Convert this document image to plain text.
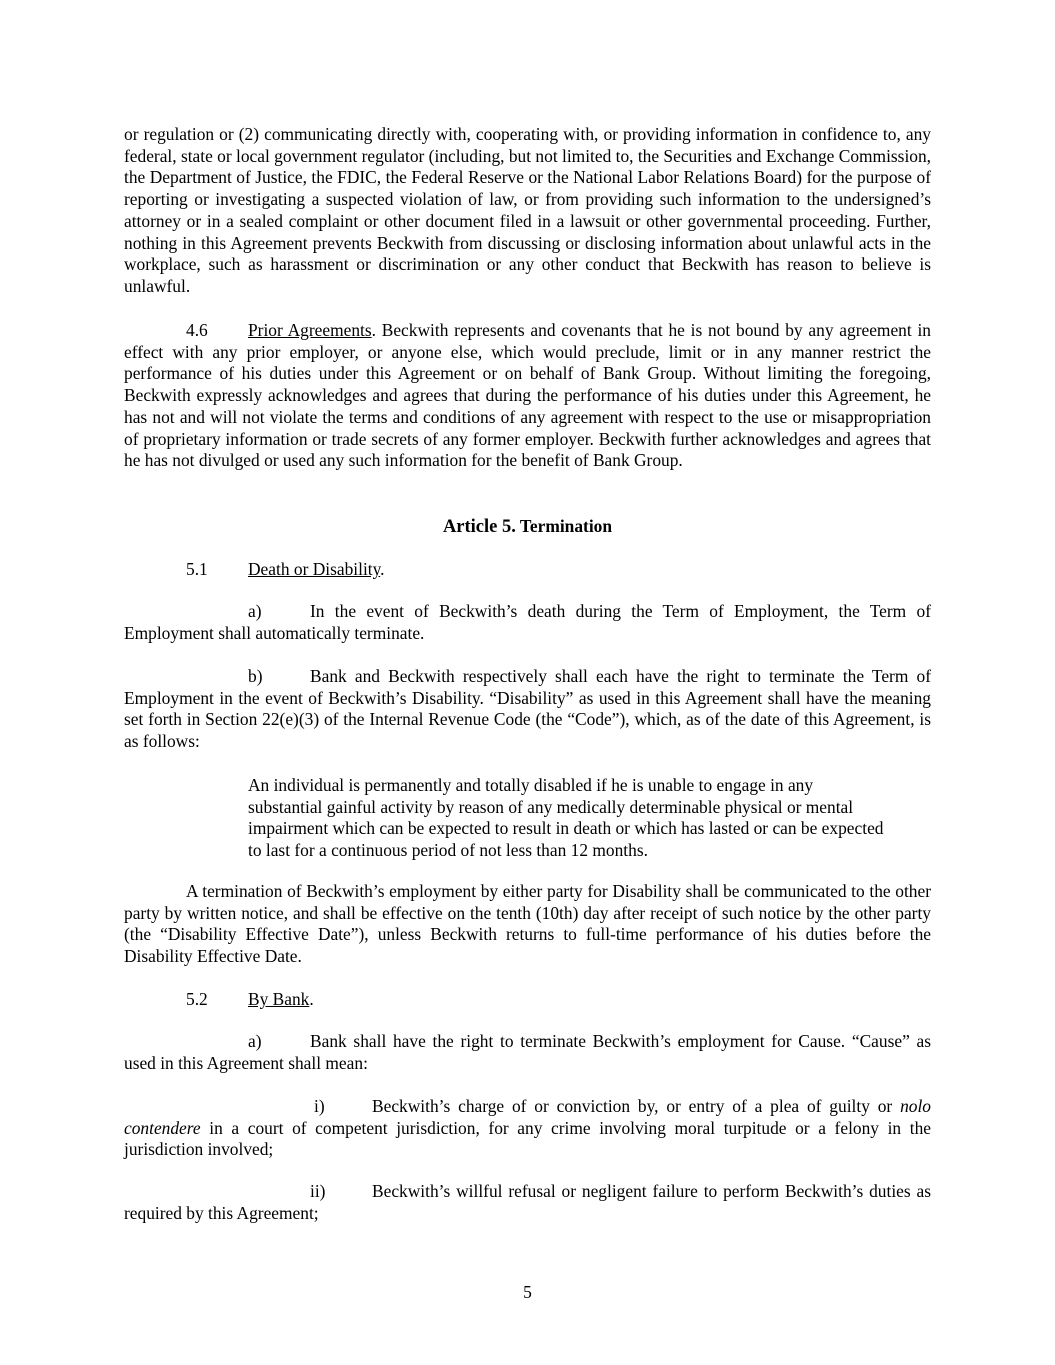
or regulation or (2) communicating directly with, cooperating with, or providing information in confidence to, any federal, state or local government regulator (including, but not limited to, the Securities and Exchange Commission, the Department of Justice, the FDIC, the Federal Reserve or the National Labor Relations Board) for the purpose of reporting or investigating a suspected violation of law, or from providing such information to the undersigned’s attorney or in a sealed complaint or other document filed in a lawsuit or other governmental proceeding. Further, nothing in this Agreement prevents Beckwith from discussing or disclosing information about unlawful acts in the workplace, such as harassment or discrimination or any other conduct that Beckwith has reason to believe is unlawful.

4.6 Prior Agreements. Beckwith represents and covenants that he is not bound by any agreement in effect with any prior employer, or anyone else, which would preclude, limit or in any manner restrict the performance of his duties under this Agreement or on behalf of Bank Group. Without limiting the foregoing, Beckwith expressly acknowledges and agrees that during the performance of his duties under this Agreement, he has not and will not violate the terms and conditions of any agreement with respect to the use or misappropriation of proprietary information or trade secrets of any former employer. Beckwith further acknowledges and agrees that he has not divulged or used any such information for the benefit of Bank Group.

Article 5. Termination

5.1 Death or Disability.

a)	In the event of Beckwith’s death during the Term of Employment, the Term of Employment shall automatically terminate.

b)	Bank and Beckwith respectively shall each have the right to terminate the Term of Employment in the event of Beckwith’s Disability. “Disability” as used in this Agreement shall have the meaning set forth in Section 22(e)(3) of the Internal Revenue Code (the “Code”), which, as of the date of this Agreement, is as follows:

An individual is permanently and totally disabled if he is unable to engage in any substantial gainful activity by reason of any medically determinable physical or mental impairment which can be expected to result in death or which has lasted or can be expected to last for a continuous period of not less than 12 months.

A termination of Beckwith’s employment by either party for Disability shall be communicated to the other party by written notice, and shall be effective on the tenth (10th) day after receipt of such notice by the other party (the “Disability Effective Date”), unless Beckwith returns to full-time performance of his duties before the Disability Effective Date.

5.2 By Bank.

a)	Bank shall have the right to terminate Beckwith’s employment for Cause. “Cause” as used in this Agreement shall mean:

i)	Beckwith’s charge of or conviction by, or entry of a plea of guilty or nolo contendere in a court of competent jurisdiction, for any crime involving moral turpitude or a felony in the jurisdiction involved;

ii)	Beckwith’s willful refusal or negligent failure to perform Beckwith’s duties as required by this Agreement;

5
